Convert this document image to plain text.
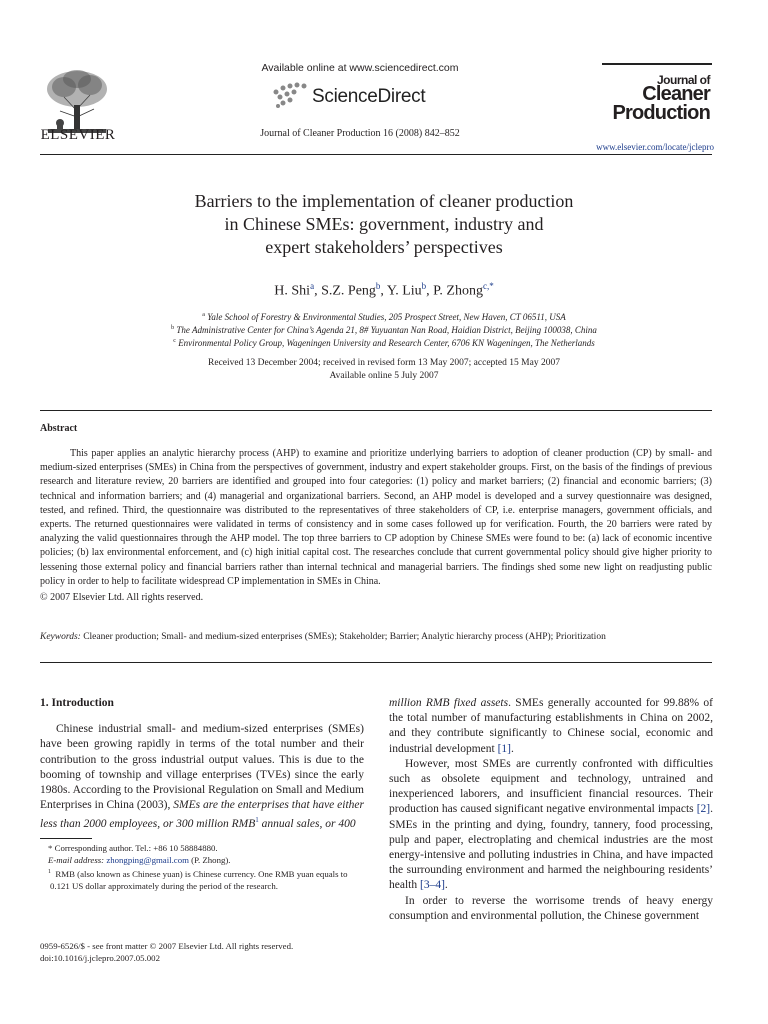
ELSEVIER
Available online at www.sciencedirect.com
ScienceDirect
Journal of Cleaner Production 16 (2008) 842–852
Journal of
Cleaner
Production
www.elsevier.com/locate/jclepro
Barriers to the implementation of cleaner production
in Chinese SMEs: government, industry and
expert stakeholders’ perspectives
H. Shi$^a$, S.Z. Peng$^b$, Y. Liu$^b$, P. Zhong$^{c,*}$
$^a$ Yale School of Forestry & Environmental Studies, 205 Prospect Street, New Haven, CT 06511, USA
$^b$ The Administrative Center for China’s Agenda 21, 8# Yuyuantan Nan Road, Haidian District, Beijing 100038, China
$^c$ Environmental Policy Group, Wageningen University and Research Center, 6706 KN Wageningen, The Netherlands
Received 13 December 2004; received in revised form 13 May 2007; accepted 15 May 2007
Available online 5 July 2007
Abstract

This paper applies an analytic hierarchy process (AHP) to examine and prioritize underlying barriers to adoption of cleaner production (CP) by small- and medium-sized enterprises (SMEs) in China from the perspectives of government, industry and expert stakeholder groups. First, on the basis of the findings of previous research and literature review, 20 barriers are identified and grouped into four categories: (1) policy and market barriers; (2) financial and economic barriers; (3) technical and information barriers; and (4) managerial and organizational barriers. Second, an AHP model is developed and a survey questionnaire was designed, tested, and refined. Third, the questionnaire was distributed to the representatives of three stakeholders of CP, i.e. enterprise managers, government officials, and experts. The returned questionnaires were validated in terms of consistency and in some cases followed up for verification. Fourth, the 20 barriers were rated by analyzing the valid questionnaires through the AHP model. The top three barriers to CP adoption by Chinese SMEs were found to be: (a) lack of economic incentive policies; (b) lax environmental enforcement, and (c) high initial capital cost. The researches conclude that current governmental policy should give higher priority to lessening those external policy and financial barriers rather than internal technical and managerial barriers. The findings shed some new light on readjusting public policy in order to help to facilitate widespread CP implementation in SMEs in China.

© 2007 Elsevier Ltd. All rights reserved.
Keywords: Cleaner production; Small- and medium-sized enterprises (SMEs); Stakeholder; Barrier; Analytic hierarchy process (AHP); Prioritization

1. Introduction

Chinese industrial small- and medium-sized enterprises (SMEs) have been growing rapidly in terms of the total number and their contribution to the gross industrial output values. This is due to the booming of township and village enterprises (TVEs) since the early 1980s. According to the Provisional Regulation on Small and Medium Enterprises in China (2003), SMEs are the enterprises that have either less than 2000 employees, or 300 million RMB$^1$ annual sales, or 400

* Corresponding author. Tel.: +86 10 58884880.

E-mail address: zhongping@gmail.com (P. Zhong).

$^1$ RMB (also known as Chinese yuan) is Chinese currency. One RMB yuan equals to 0.121 US dollar approximately during the period of the research.

0959-6526/$ - see front matter © 2007 Elsevier Ltd. All rights reserved.
doi:10.1016/j.jclepro.2007.05.002

million RMB fixed assets. SMEs generally accounted for 99.88% of the total number of manufacturing establishments in China on 2002, and they contribute significantly to Chinese social, economic and industrial development [1].

However, most SMEs are currently confronted with difficulties such as obsolete equipment and technology, untrained and inexperienced laborers, and insufficient financial resources. Their production has caused significant negative environmental impacts [2]. SMEs in the printing and dying, foundry, tannery, food processing, pulp and paper, electroplating and chemical industries are the most energy-intensive and polluting industries in China, and have impacted the surrounding environment and harmed the neighbouring residents’ health [3–4].

In order to reverse the worrisome trends of heavy energy consumption and environmental pollution, the Chinese government
